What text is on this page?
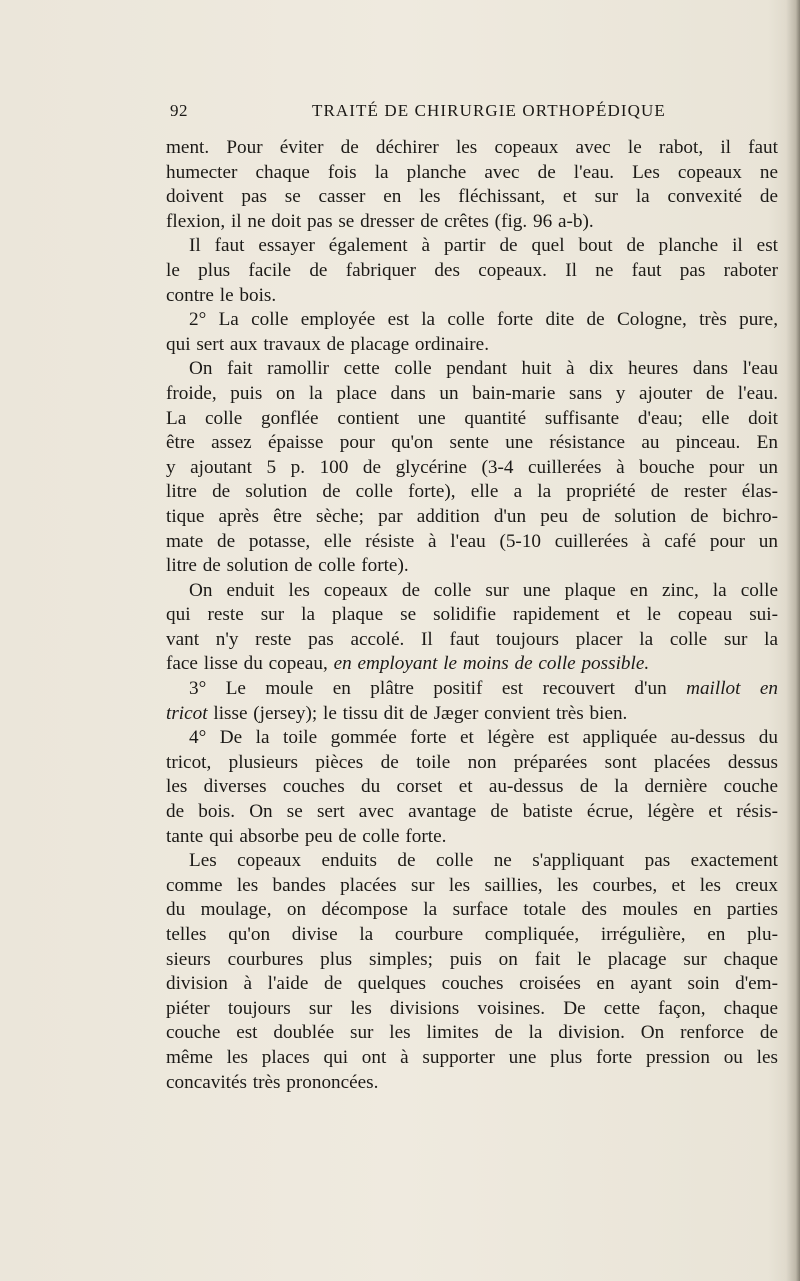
92	TRAITÉ DE CHIRURGIE ORTHOPÉDIQUE
ment. Pour éviter de déchirer les copeaux avec le rabot, il faut
humecter chaque fois la planche avec de l'eau. Les copeaux ne
doivent pas se casser en les fléchissant, et sur la convexité de
flexion, il ne doit pas se dresser de crêtes (fig. 96 a-b).
Il faut essayer également à partir de quel bout de planche il est
le plus facile de fabriquer des copeaux. Il ne faut pas raboter
contre le bois.
2° La colle employée est la colle forte dite de Cologne, très pure,
qui sert aux travaux de placage ordinaire.
On fait ramollir cette colle pendant huit à dix heures dans l'eau
froide, puis on la place dans un bain-marie sans y ajouter de l'eau.
La colle gonflée contient une quantité suffisante d'eau; elle doit
être assez épaisse pour qu'on sente une résistance au pinceau. En
y ajoutant 5 p. 100 de glycérine (3-4 cuillerées à bouche pour un
litre de solution de colle forte), elle a la propriété de rester élas-
tique après être sèche; par addition d'un peu de solution de bichro-
mate de potasse, elle résiste à l'eau (5-10 cuillerées à café pour un
litre de solution de colle forte).
On enduit les copeaux de colle sur une plaque en zinc, la colle
qui reste sur la plaque se solidifie rapidement et le copeau sui-
vant n'y reste pas accolé. Il faut toujours placer la colle sur la
face lisse du copeau, en employant le moins de colle possible.
3° Le moule en plâtre positif est recouvert d'un maillot en
tricot lisse (jersey); le tissu dit de Jæger convient très bien.
4° De la toile gommée forte et légère est appliquée au-dessus du
tricot, plusieurs pièces de toile non préparées sont placées dessus
les diverses couches du corset et au-dessus de la dernière couche
de bois. On se sert avec avantage de batiste écrue, légère et résis-
tante qui absorbe peu de colle forte.
Les copeaux enduits de colle ne s'appliquant pas exactement
comme les bandes placées sur les saillies, les courbes, et les creux
du moulage, on décompose la surface totale des moules en parties
telles qu'on divise la courbure compliquée, irrégulière, en plu-
sieurs courbures plus simples; puis on fait le placage sur chaque
division à l'aide de quelques couches croisées en ayant soin d'em-
piéter toujours sur les divisions voisines. De cette façon, chaque
couche est doublée sur les limites de la division. On renforce de
même les places qui ont à supporter une plus forte pression ou les
concavités très prononcées.
